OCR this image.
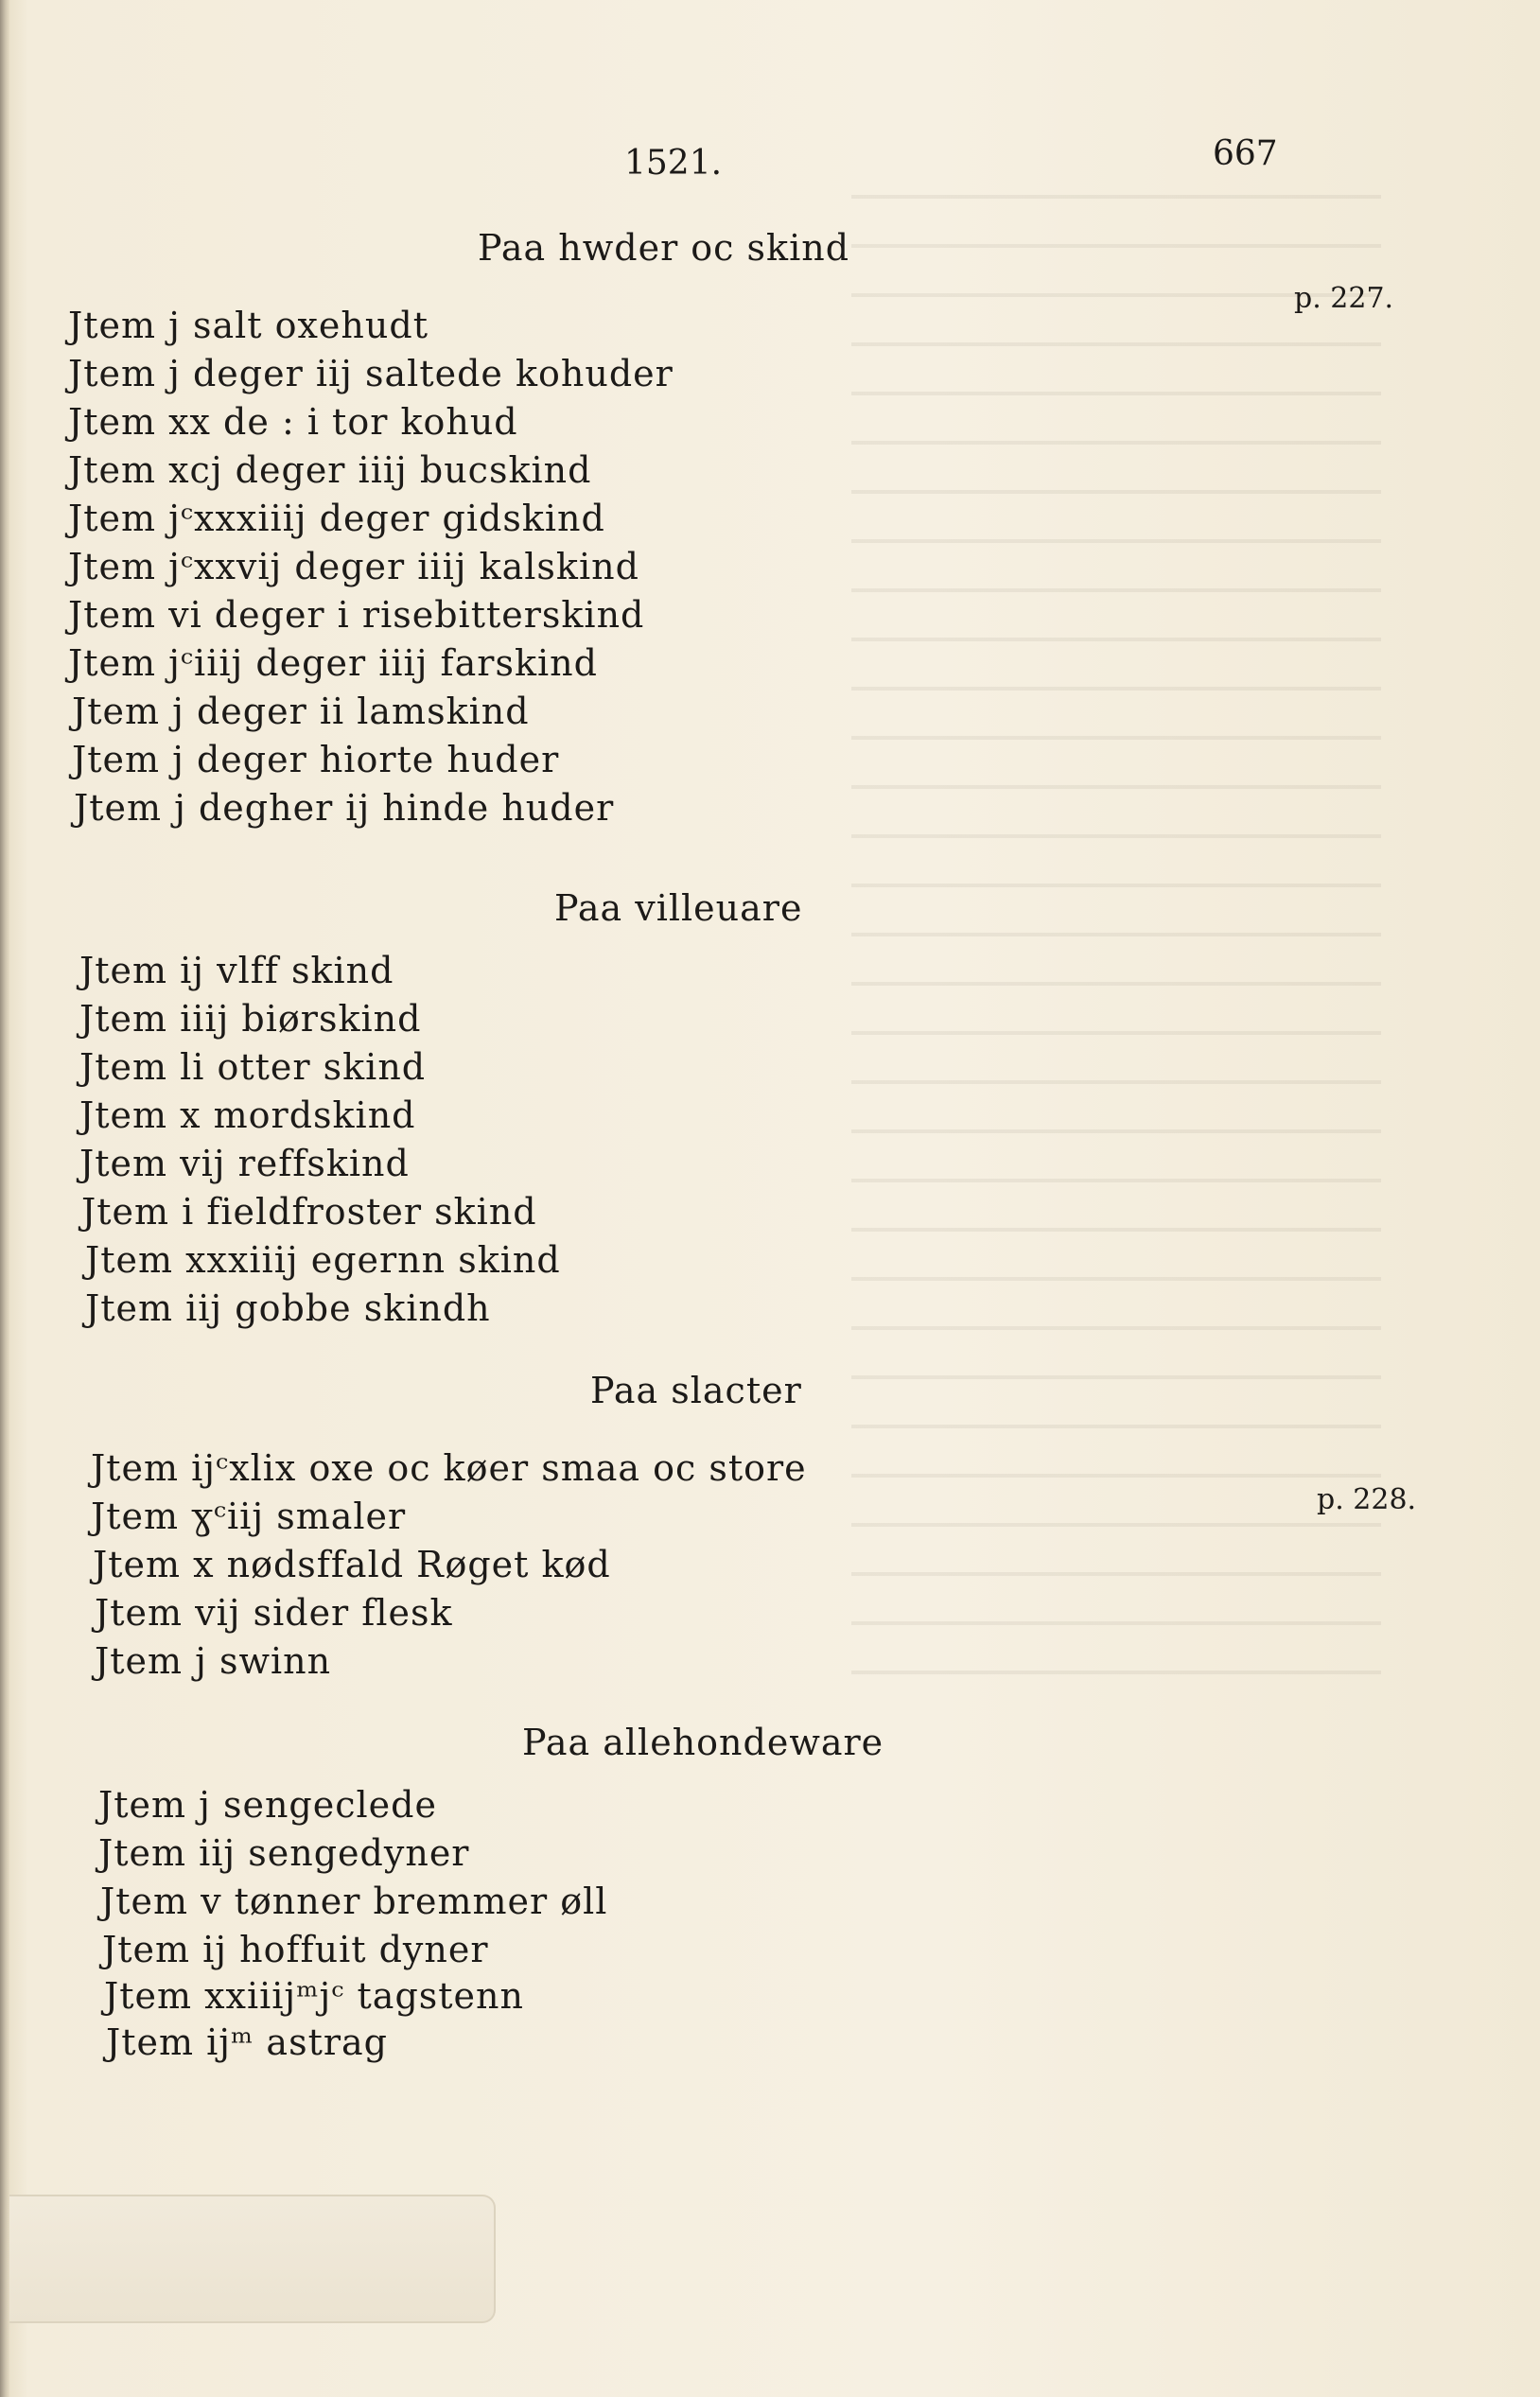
1521.	667
p. 227.
p. 228.
Paa hwder oc skind
Jtem j salt oxehudt
Jtem j deger iij saltede kohuder
Jtem xx de : i tor kohud
Jtem xcj deger iiij bucskind
Jtem jᶜxxxiiij deger gidskind
Jtem jᶜxxvij deger iiij kalskind
Jtem vi deger i risebitterskind
Jtem jᶜiiij deger iiij farskind
Jtem j deger ii lamskind
Jtem j deger hiorte huder
Jtem j deghеr ij hinde huder
Paa villeuare
Jtem ij vlff skind
Jtem iiij biørskind
Jtem li otter skind
Jtem x mordskind
Jtem vij reffskind
Jtem i fieldfroster skind
Jtem xxxiiij egernn skind
Jtem iij gobbe skindh
Paa slacter
Jtem ijᶜxlix oxe oc køer smaa oc store
Jtem ɣᶜiij smaler
Jtem x nødsffald Røget kød
Jtem vij sider flesk
Jtem j swinn
Paa allehondeware
Jtem j sengeclede
Jtem iij sengedyner
Jtem v tønner bremmer øll
Jtem ij hoffuit dyner
Jtem xxiiijᵐjᶜ tagstenn
Jtem ijᵐ astrag
